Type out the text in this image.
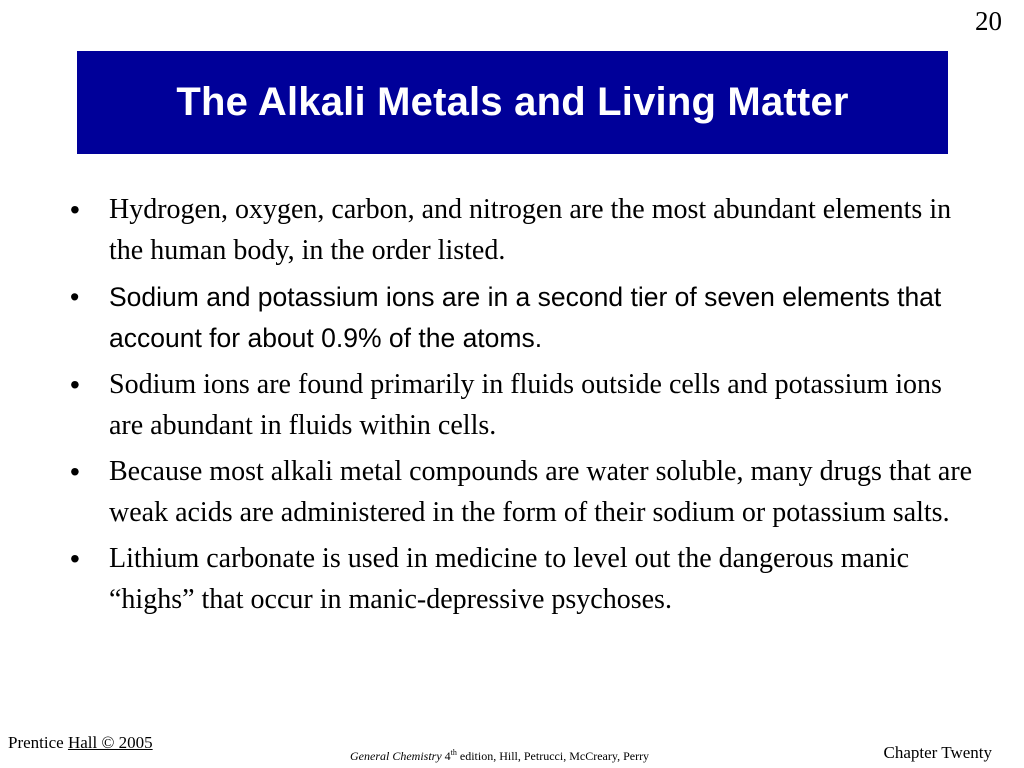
20
The Alkali Metals and Living Matter
• Hydrogen, oxygen, carbon, and nitrogen are the most abundant elements in the human body, in the order listed.
• Sodium and potassium ions are in a second tier of seven elements that account for about 0.9% of the atoms.
• Sodium ions are found primarily in fluids outside cells and potassium ions are abundant in fluids within cells.
• Because most alkali metal compounds are water soluble, many drugs that are weak acids are administered in the form of their sodium or potassium salts.
• Lithium carbonate is used in medicine to level out the dangerous manic “highs” that occur in manic-depressive psychoses.
Prentice Hall © 2005
General Chemistry 4th edition, Hill, Petrucci, McCreary, Perry	Chapter Twenty
